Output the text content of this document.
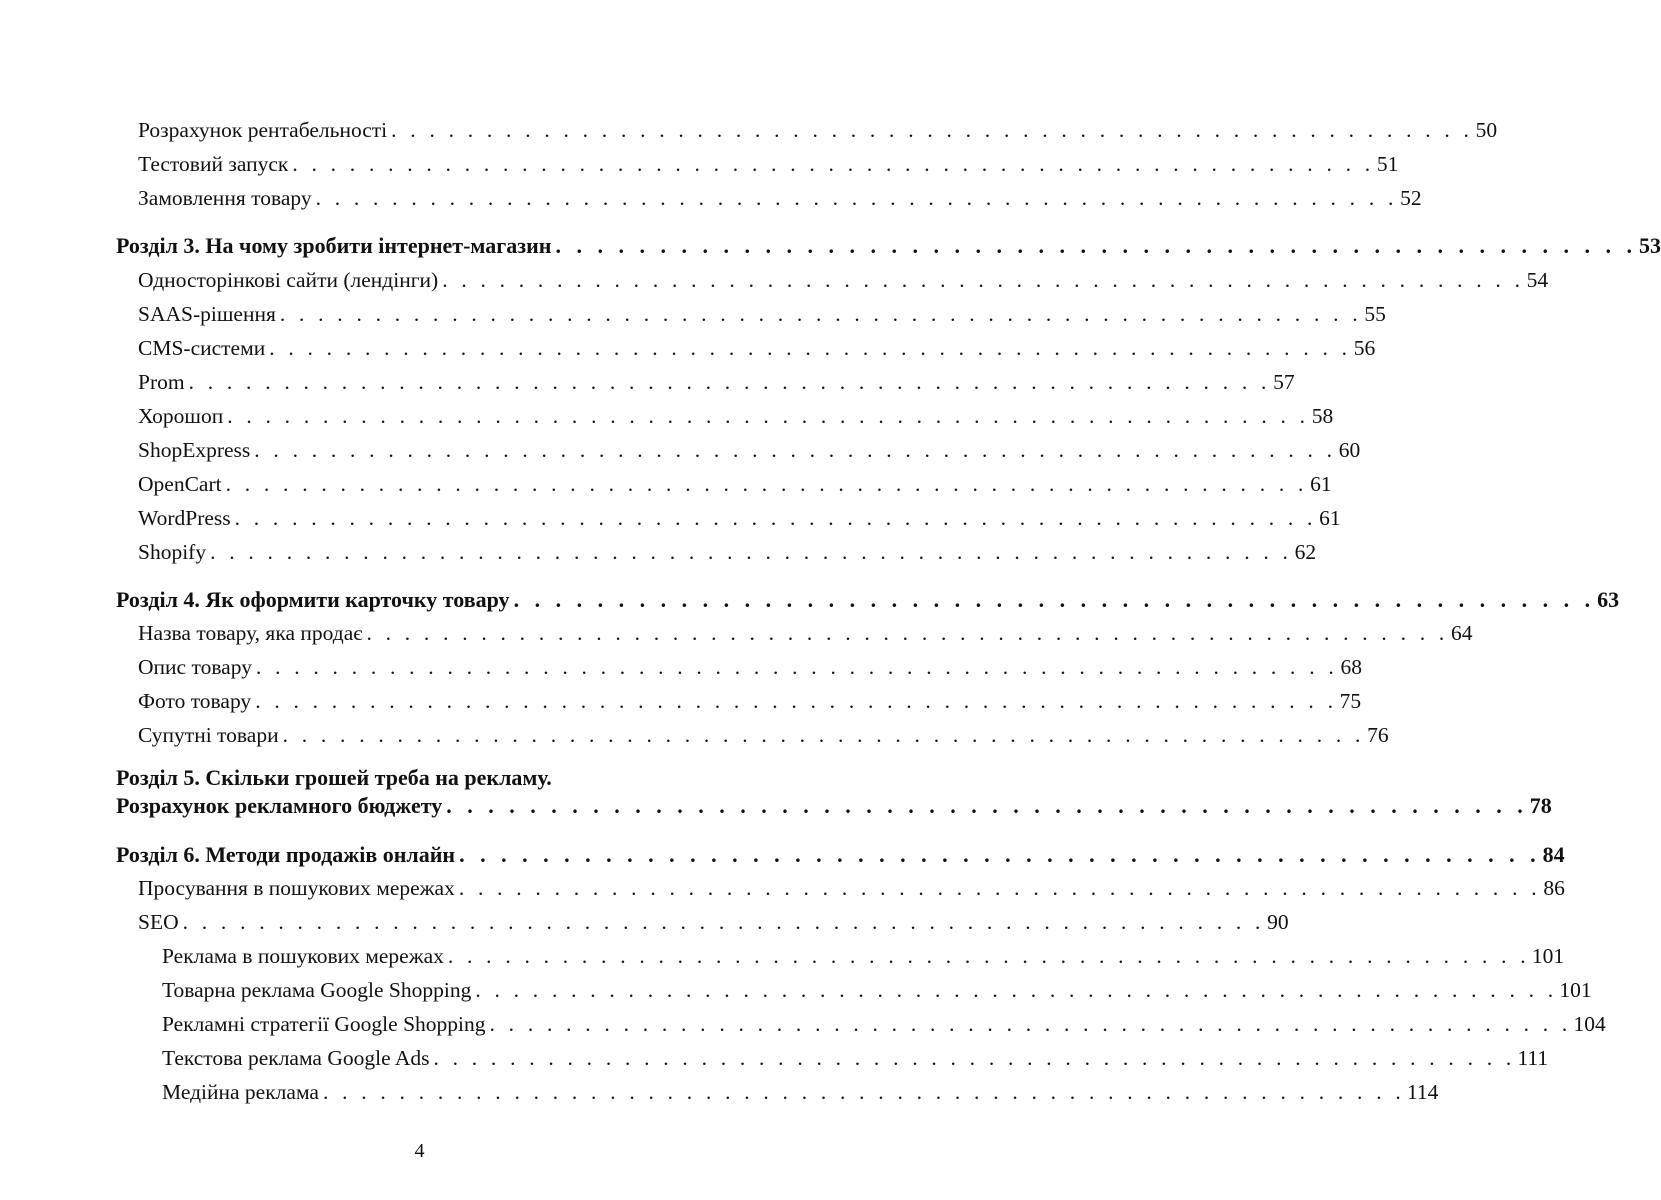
Розрахунок рентабельності . . . . . . . . . . . . . . . . . . . . . . . . . . . . . . . . . . . . . . . . . . . . . . . . . . . . . . . . . 50
Тестовий запуск . . . . . . . . . . . . . . . . . . . . . . . . . . . . . . . . . . . . . . . . . . . . . . . . . . . . . . . . . 51
Замовлення товару . . . . . . . . . . . . . . . . . . . . . . . . . . . . . . . . . . . . . . . . . . . . . . . . . . . . . . . . . 52
Розділ 3. На чому зробити інтернет-магазин . . . . . . . . . . . . . . . . . . . . . . . . . . . . . . . . . . . . . . . . . . . . . . . . . . . . 53
Односторінкові сайти (лендінги) . . . . . . . . . . . . . . . . . . . . . . . . . . . . . . . . . . . . . . . . . . . . . . . . . . . . . . . . . 54
SAAS-рішення . . . . . . . . . . . . . . . . . . . . . . . . . . . . . . . . . . . . . . . . . . . . . . . . . . . . . . . . . 55
CMS-системи . . . . . . . . . . . . . . . . . . . . . . . . . . . . . . . . . . . . . . . . . . . . . . . . . . . . . . . . . 56
Prom . . . . . . . . . . . . . . . . . . . . . . . . . . . . . . . . . . . . . . . . . . . . . . . . . . . . . . . . . 57
Хорошоп . . . . . . . . . . . . . . . . . . . . . . . . . . . . . . . . . . . . . . . . . . . . . . . . . . . . . . . . . 58
ShopExpress . . . . . . . . . . . . . . . . . . . . . . . . . . . . . . . . . . . . . . . . . . . . . . . . . . . . . . . . . 60
OpenCart . . . . . . . . . . . . . . . . . . . . . . . . . . . . . . . . . . . . . . . . . . . . . . . . . . . . . . . . . 61
WordPress . . . . . . . . . . . . . . . . . . . . . . . . . . . . . . . . . . . . . . . . . . . . . . . . . . . . . . . . . 61
Shopify . . . . . . . . . . . . . . . . . . . . . . . . . . . . . . . . . . . . . . . . . . . . . . . . . . . . . . . . . 62
Розділ 4. Як оформити карточку товару . . . . . . . . . . . . . . . . . . . . . . . . . . . . . . . . . . . . . . . . . . . . . . . . . . . . 63
Назва товару, яка продає . . . . . . . . . . . . . . . . . . . . . . . . . . . . . . . . . . . . . . . . . . . . . . . . . . . . . . . . . 64
Опис товару . . . . . . . . . . . . . . . . . . . . . . . . . . . . . . . . . . . . . . . . . . . . . . . . . . . . . . . . . 68
Фото товару . . . . . . . . . . . . . . . . . . . . . . . . . . . . . . . . . . . . . . . . . . . . . . . . . . . . . . . . . 75
Супутні товари . . . . . . . . . . . . . . . . . . . . . . . . . . . . . . . . . . . . . . . . . . . . . . . . . . . . . . . . . 76
Розділ 5. Скільки грошей треба на рекламу.
Розрахунок рекламного бюджету . . . . . . . . . . . . . . . . . . . . . . . . . . . . . . . . . . . . . . . . . . . . . . . . . . . . 78
Розділ 6. Методи продажів онлайн . . . . . . . . . . . . . . . . . . . . . . . . . . . . . . . . . . . . . . . . . . . . . . . . . . . . 84
Просування в пошукових мережах . . . . . . . . . . . . . . . . . . . . . . . . . . . . . . . . . . . . . . . . . . . . . . . . . . . . . . . . . 86
SEO . . . . . . . . . . . . . . . . . . . . . . . . . . . . . . . . . . . . . . . . . . . . . . . . . . . . . . . . . 90
Реклама в пошукових мережах . . . . . . . . . . . . . . . . . . . . . . . . . . . . . . . . . . . . . . . . . . . . . . . . . . . . . . . . . 101
Товарна реклама Google Shopping . . . . . . . . . . . . . . . . . . . . . . . . . . . . . . . . . . . . . . . . . . . . . . . . . . . . . . . . . 101
Рекламні стратегії Google Shopping . . . . . . . . . . . . . . . . . . . . . . . . . . . . . . . . . . . . . . . . . . . . . . . . . . . . . . . . . 104
Текстова реклама Google Ads . . . . . . . . . . . . . . . . . . . . . . . . . . . . . . . . . . . . . . . . . . . . . . . . . . . . . . . . . 111
Медійна реклама . . . . . . . . . . . . . . . . . . . . . . . . . . . . . . . . . . . . . . . . . . . . . . . . . . . . . . . . . 114
4
